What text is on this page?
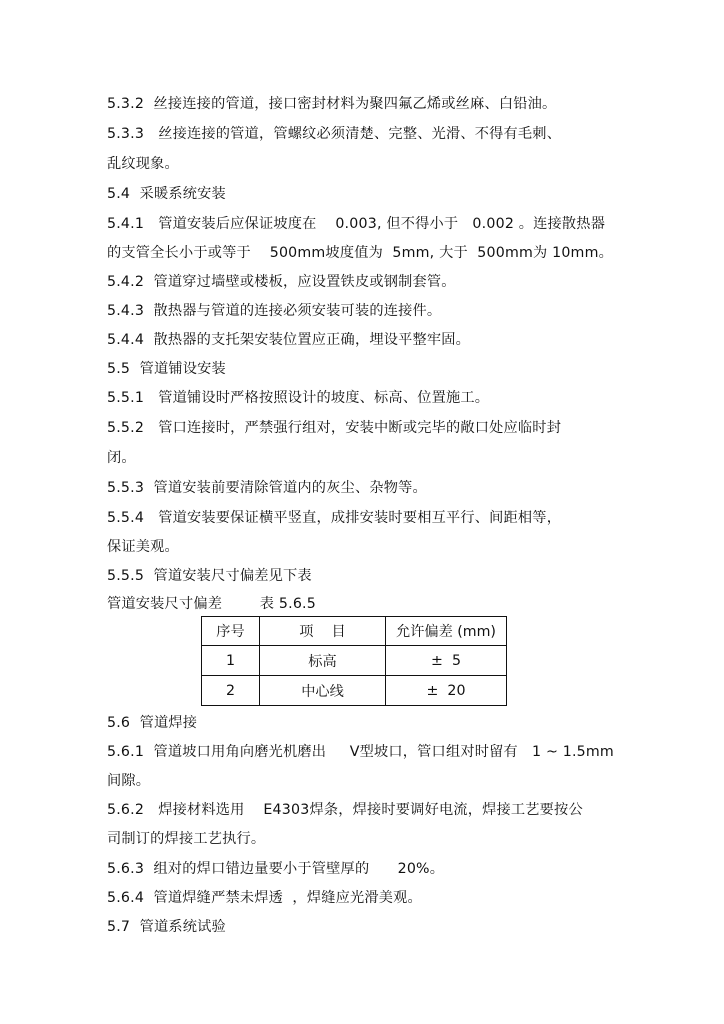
5.3.2  丝接连接的管道，接口密封材料为聚四氟乙烯或丝麻、白铅油。
5.3.3   丝接连接的管道，管螺纹必须清楚、完整、光滑、不得有毛刺、
乱纹现象。
5.4  采暖系统安装
5.4.1   管道安装后应保证坡度在    0.003, 但不得小于   0.002 。连接散热器
的支管全长小于或等于    500mm坡度值为  5mm, 大于  500mm为 10mm。
5.4.2  管道穿过墙壁或楼板，应设置铁皮或钢制套管。
5.4.3  散热器与管道的连接必须安装可装的连接件。
5.4.4  散热器的支托架安装位置应正确，埋设平整牢固。
5.5  管道铺设安装
5.5.1   管道铺设时严格按照设计的坡度、标高、位置施工。
5.5.2   管口连接时，严禁强行组对，安装中断或完毕的敞口处应临时封
闭。
5.5.3  管道安装前要清除管道内的灰尘、杂物等。
5.5.4   管道安装要保证横平竖直，成排安装时要相互平行、间距相等，
保证美观。
5.5.5  管道安装尺寸偏差见下表
管道安装尺寸偏差        表 5.6.5
序号	项    目	允许偏差 (mm)
1	标高	±  5
2	中心线	±  20
5.6  管道焊接
5.6.1  管道坡口用角向磨光机磨出     V型坡口，管口组对时留有   1 ~ 1.5mm
间隙。
5.6.2   焊接材料选用    E4303焊条，焊接时要调好电流，焊接工艺要按公
司制订的焊接工艺执行。
5.6.3  组对的焊口错边量要小于管壁厚的      20%。
5.6.4  管道焊缝严禁未焊透  ，焊缝应光滑美观。
5.7  管道系统试验
